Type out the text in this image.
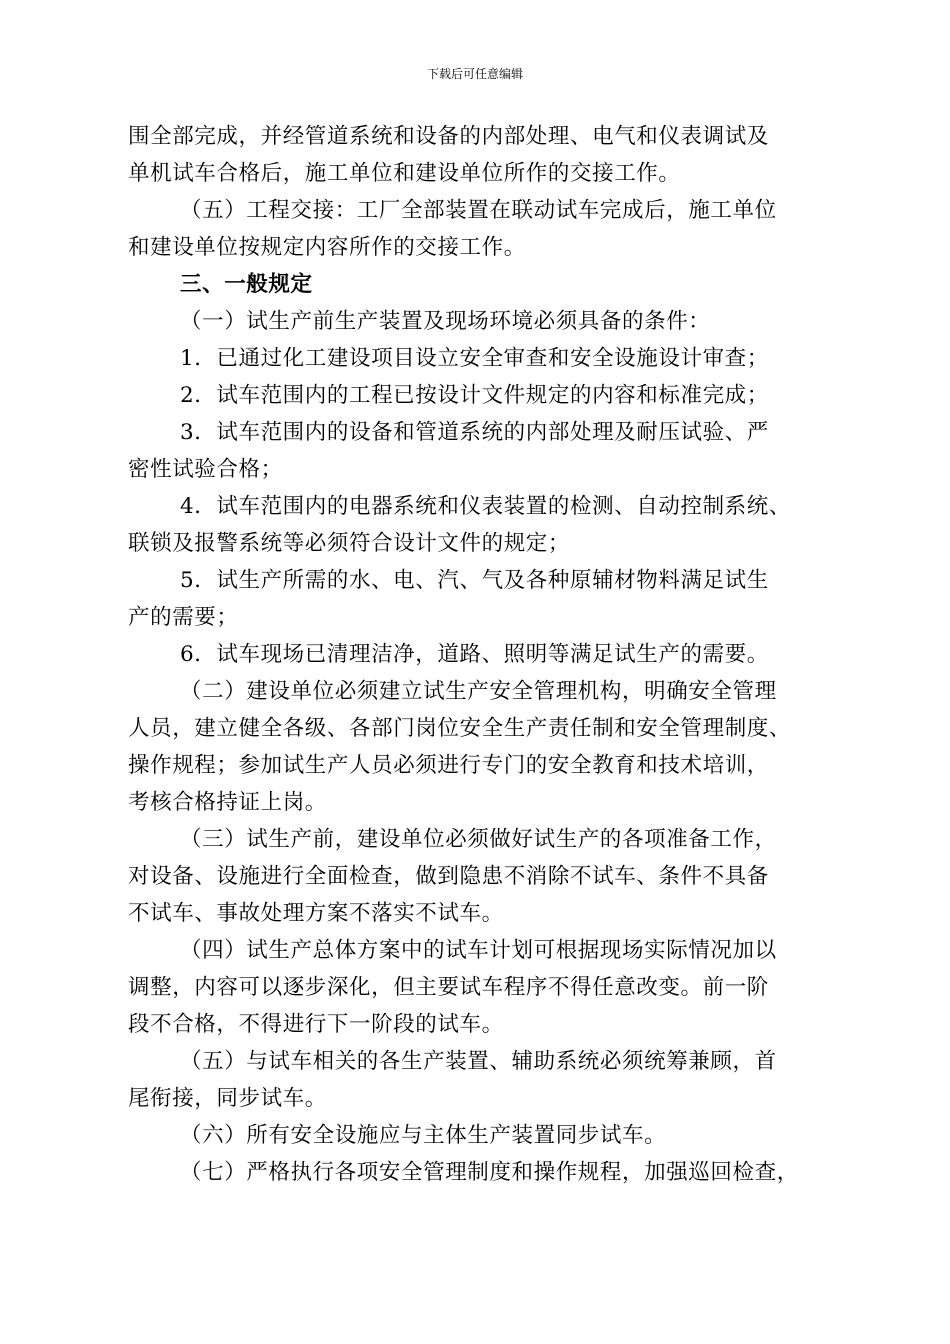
下载后可任意编辑
围全部完成，并经管道系统和设备的内部处理、电气和仪表调试及
单机试车合格后，施工单位和建设单位所作的交接工作。
（五）工程交接：工厂全部装置在联动试车完成后，施工单位
和建设单位按规定内容所作的交接工作。
三、一般规定
（一）试生产前生产装置及现场环境必须具备的条件：
1．已通过化工建设项目设立安全审查和安全设施设计审查；
2．试车范围内的工程已按设计文件规定的内容和标准完成；
3．试车范围内的设备和管道系统的内部处理及耐压试验、严
密性试验合格；
4．试车范围内的电器系统和仪表装置的检测、自动控制系统、
联锁及报警系统等必须符合设计文件的规定；
5．试生产所需的水、电、汽、气及各种原辅材物料满足试生
产的需要；
6．试车现场已清理洁净，道路、照明等满足试生产的需要。
（二）建设单位必须建立试生产安全管理机构，明确安全管理
人员，建立健全各级、各部门岗位安全生产责任制和安全管理制度、
操作规程；参加试生产人员必须进行专门的安全教育和技术培训，
考核合格持证上岗。
（三）试生产前，建设单位必须做好试生产的各项准备工作，
对设备、设施进行全面检查，做到隐患不消除不试车、条件不具备
不试车、事故处理方案不落实不试车。
（四）试生产总体方案中的试车计划可根据现场实际情况加以
调整，内容可以逐步深化，但主要试车程序不得任意改变。前一阶
段不合格，不得进行下一阶段的试车。
（五）与试车相关的各生产装置、辅助系统必须统筹兼顾，首
尾衔接，同步试车。
（六）所有安全设施应与主体生产装置同步试车。
（七）严格执行各项安全管理制度和操作规程，加强巡回检查，
